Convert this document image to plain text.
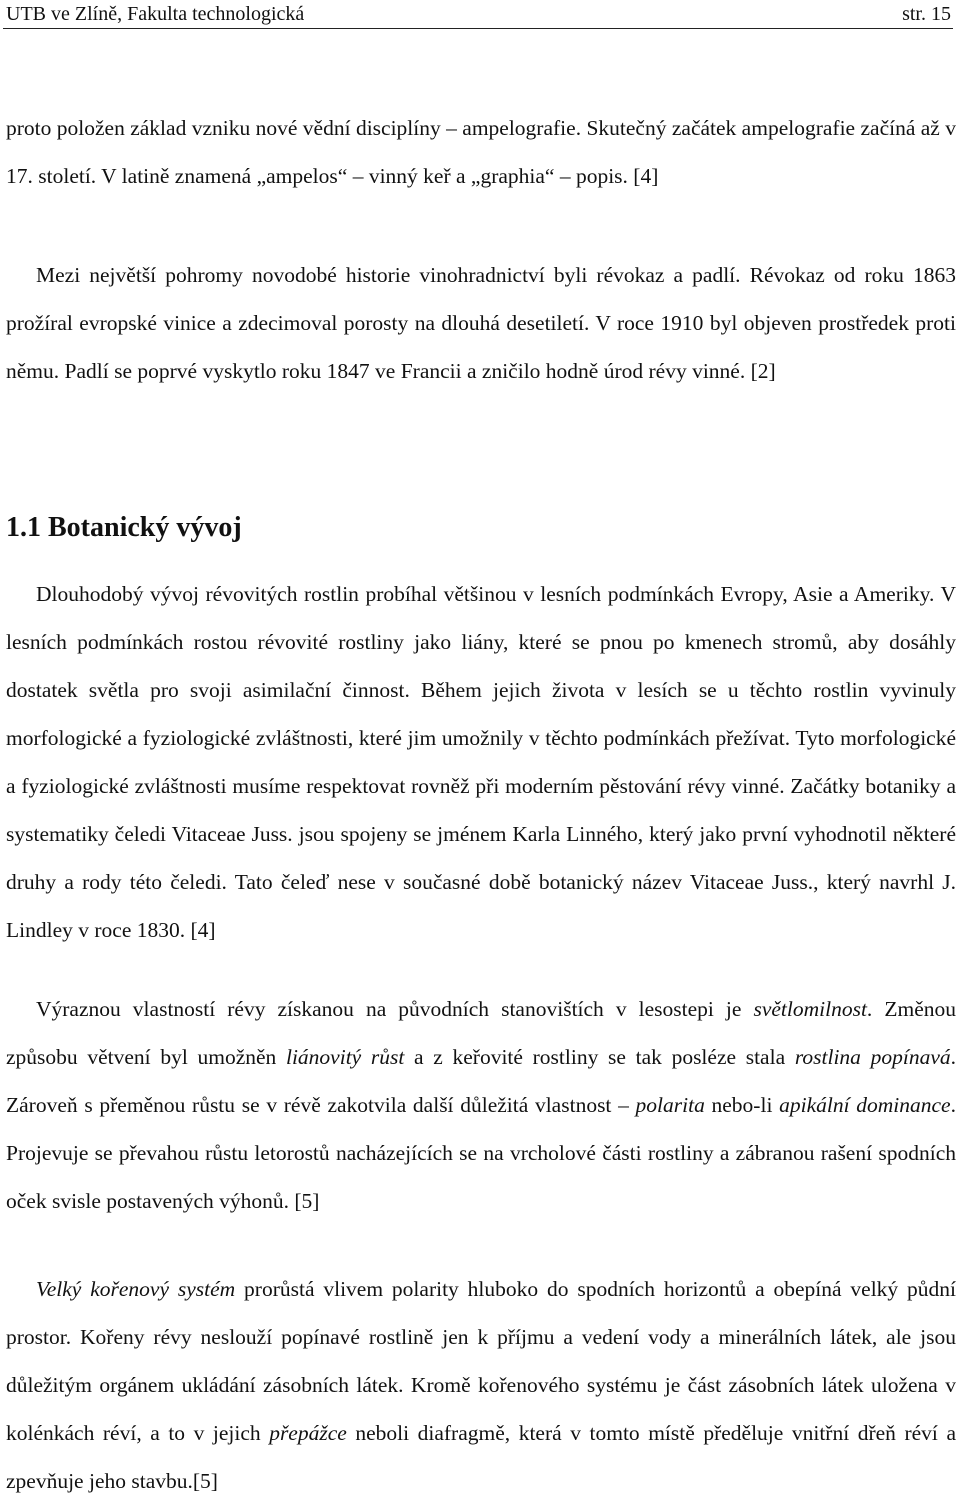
UTB ve Zlíně, Fakulta technologická	str. 15

proto položen základ vzniku nové vědní disciplíny – ampelografie. Skutečný začátek ampelografie začíná až v 17. století. V latině znamená „ampelos“ – vinný keř a „graphia“ – popis. [4]

Mezi největší pohromy novodobé historie vinohradnictví byli révokaz a padlí. Révokaz od roku 1863 prožíral evropské vinice a zdecimoval porosty na dlouhá desetiletí. V roce 1910 byl objeven prostředek proti němu. Padlí se poprvé vyskytlo roku 1847 ve Francii a zničilo hodně úrod révy vinné. [2]

1.1 Botanický vývoj

Dlouhodobý vývoj révovitých rostlin probíhal většinou v lesních podmínkách Evropy, Asie a Ameriky. V lesních podmínkách rostou révovité rostliny jako liány, které se pnou po kmenech stromů, aby dosáhly dostatek světla pro svoji asimilační činnost. Během jejich života v lesích se u těchto rostlin vyvinuly morfologické a fyziologické zvláštnosti, které jim umožnily v těchto podmínkách přežívat. Tyto morfologické a fyziologické zvláštnosti musíme respektovat rovněž při moderním pěstování révy vinné. Začátky botaniky a systematiky čeledi Vitaceae Juss. jsou spojeny se jménem Karla Linného, který jako první vyhodnotil některé druhy a rody této čeledi. Tato čeleď nese v současné době botanický název Vitaceae Juss., který navrhl J. Lindley v roce 1830. [4]

Výraznou vlastností révy získanou na původních stanovištích v lesostepi je světlomilnost. Změnou způsobu větvení byl umožněn liánovitý růst a z keřovité rostliny se tak posléze stala rostlina popínavá. Zároveň s přeměnou růstu se v révě zakotvila další důležitá vlastnost – polarita nebo-li apikální dominance. Projevuje se převahou růstu letorostů nacházejících se na vrcholové části rostliny a zábranou rašení spodních oček svisle postavených výhonů. [5]

Velký kořenový systém prorůstá vlivem polarity hluboko do spodních horizontů a obepíná velký půdní prostor. Kořeny révy neslouží popínavé rostlině jen k příjmu a vedení vody a minerálních látek, ale jsou důležitým orgánem ukládání zásobních látek. Kromě kořenového systému je část zásobních látek uložena v kolénkách réví, a to v jejich přepážce neboli diafragmě, která v tomto místě předěluje vnitřní dřeň réví a zpevňuje jeho stavbu.[5]
